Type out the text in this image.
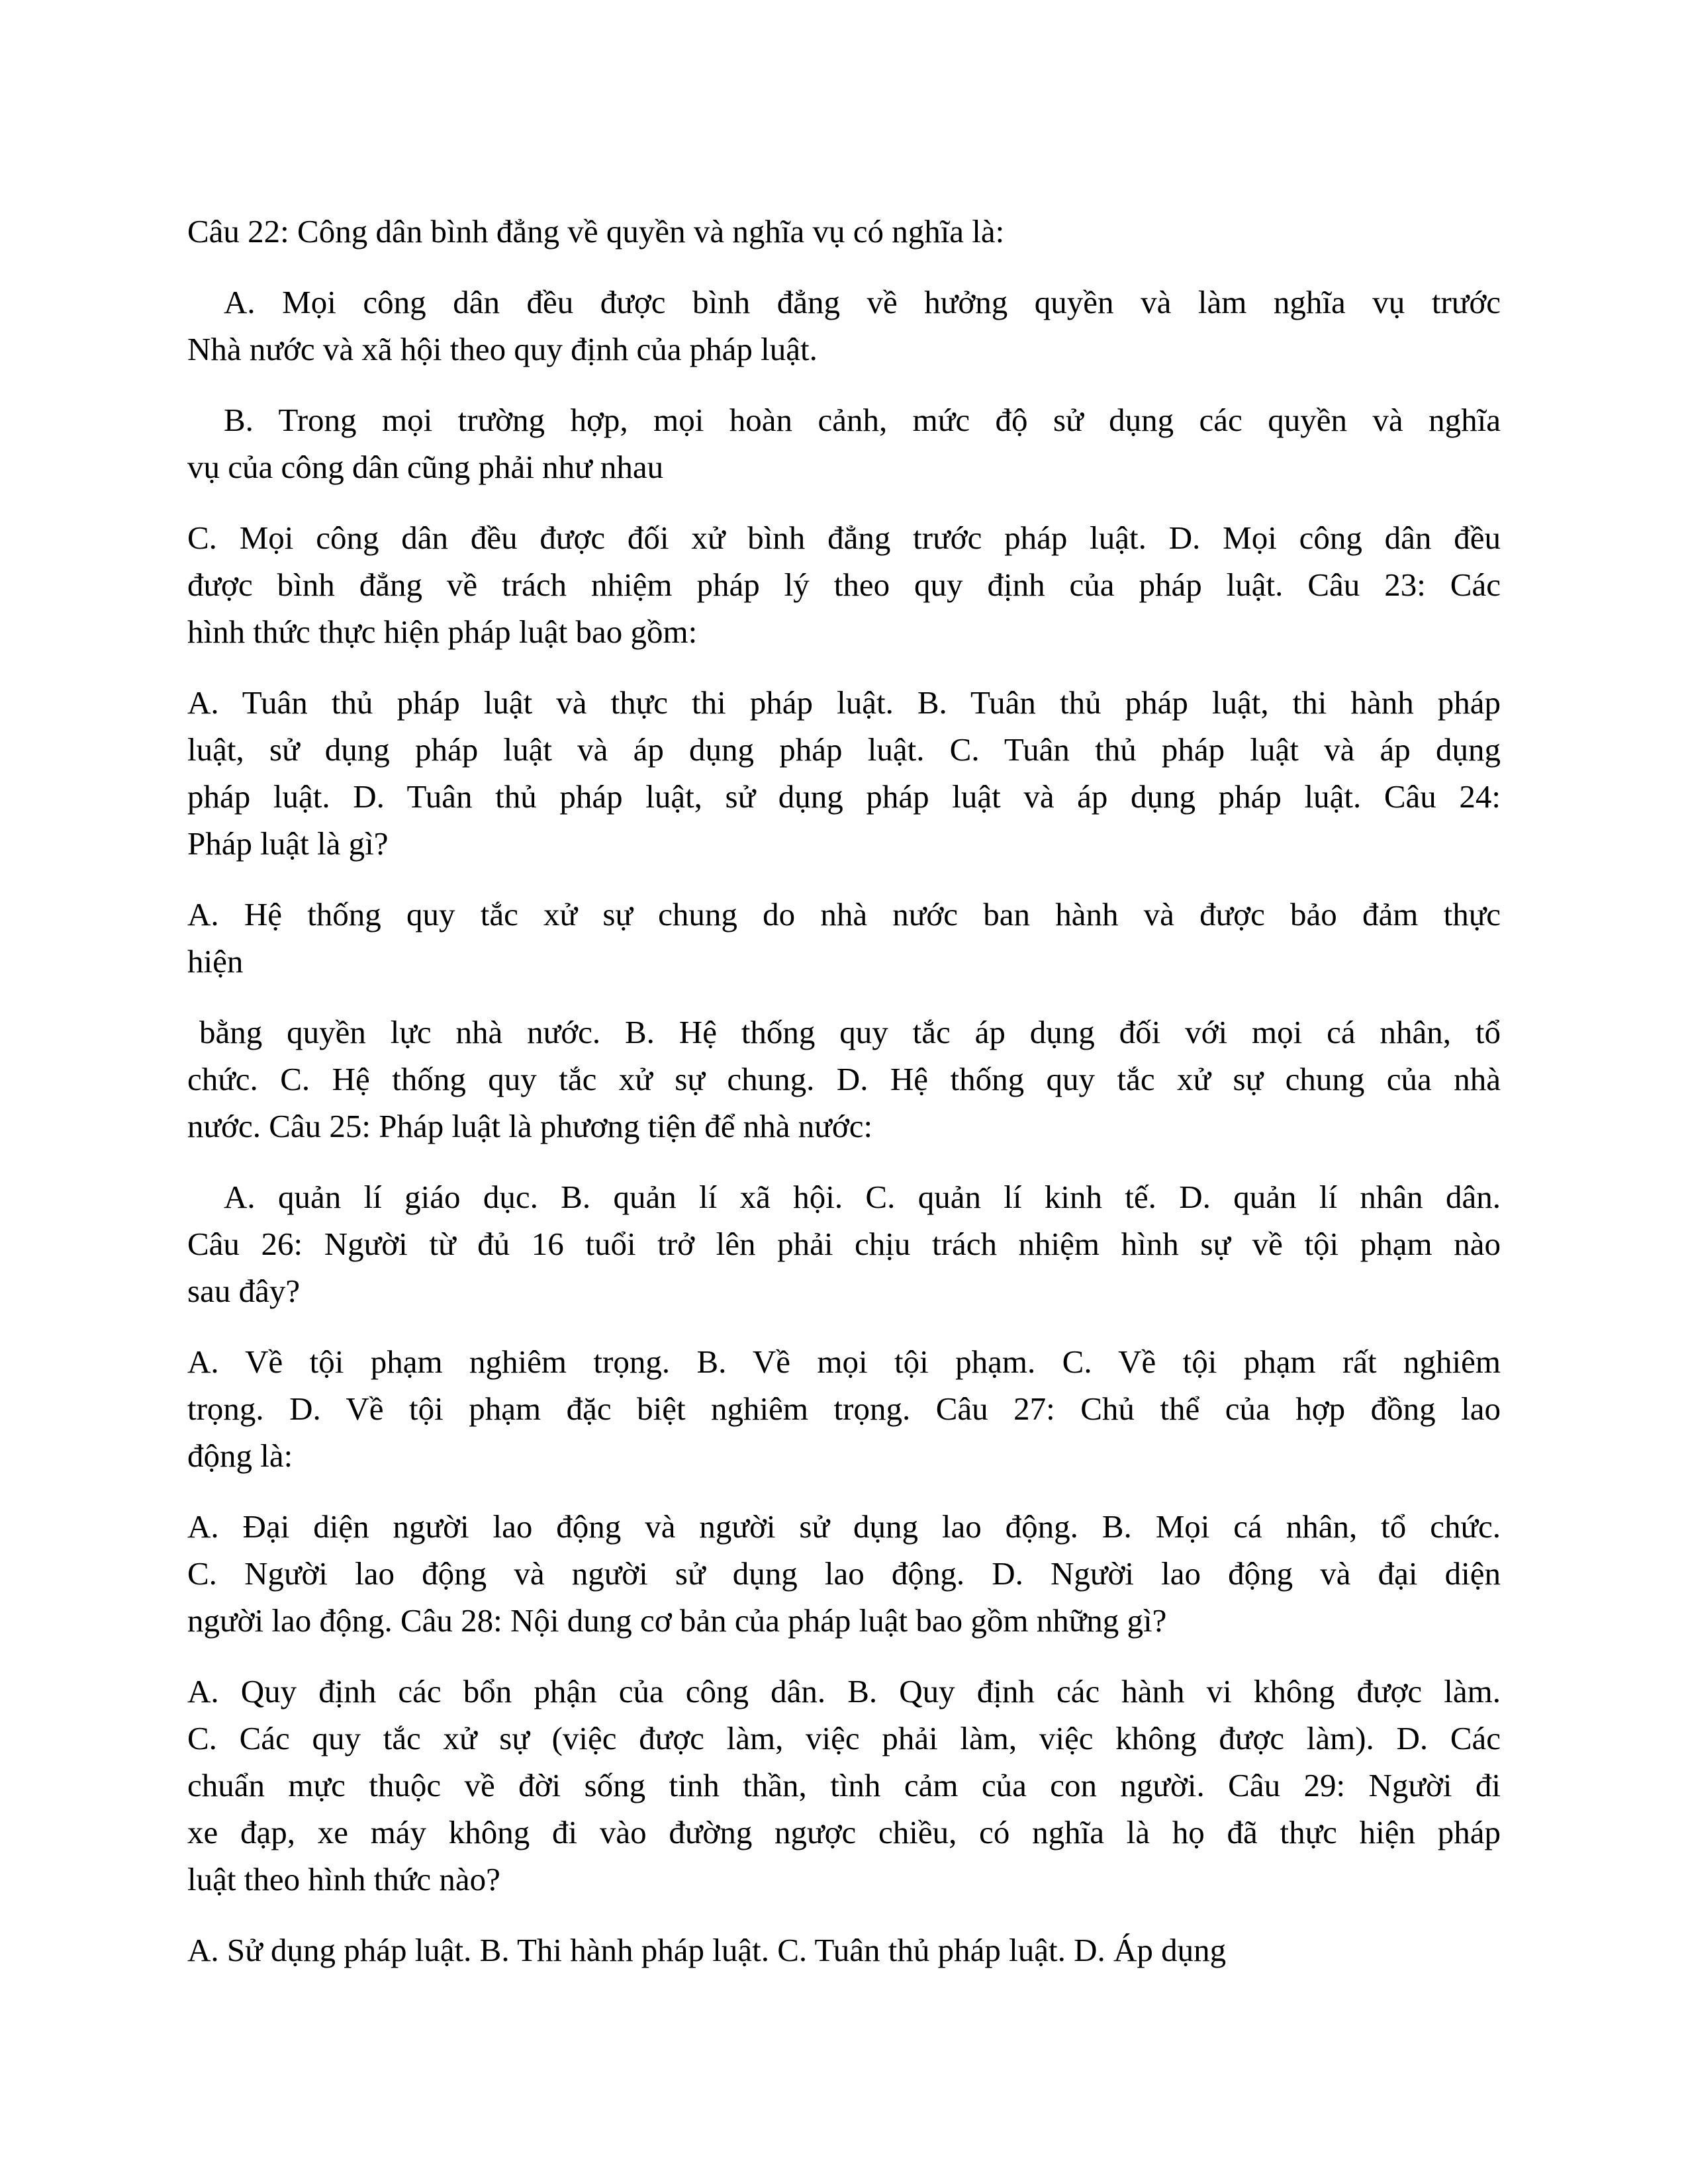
Câu 22: Công dân bình đẳng về quyền và nghĩa vụ có nghĩa là:

A. Mọi công dân đều được bình đẳng về hưởng quyền và làm nghĩa vụ trước
Nhà nước và xã hội theo quy định của pháp luật.

B. Trong mọi trường hợp, mọi hoàn cảnh, mức độ sử dụng các quyền và nghĩa
vụ của công dân cũng phải như nhau

C. Mọi công dân đều được đối xử bình đẳng trước pháp luật. D. Mọi công dân đều
được bình đẳng về trách nhiệm pháp lý theo quy định của pháp luật. Câu 23: Các
hình thức thực hiện pháp luật bao gồm:

A. Tuân thủ pháp luật và thực thi pháp luật. B. Tuân thủ pháp luật, thi hành pháp
luật, sử dụng pháp luật và áp dụng pháp luật. C. Tuân thủ pháp luật và áp dụng
pháp luật. D. Tuân thủ pháp luật, sử dụng pháp luật và áp dụng pháp luật. Câu 24:
Pháp luật là gì?

A. Hệ thống quy tắc xử sự chung do nhà nước ban hành và được bảo đảm thực
hiện

bằng quyền lực nhà nước. B. Hệ thống quy tắc áp dụng đối với mọi cá nhân, tổ
chức. C. Hệ thống quy tắc xử sự chung. D. Hệ thống quy tắc xử sự chung của nhà
nước. Câu 25: Pháp luật là phương tiện để nhà nước:

A. quản lí giáo dục. B. quản lí xã hội. C. quản lí kinh tế. D. quản lí nhân dân.
Câu 26: Người từ đủ 16 tuổi trở lên phải chịu trách nhiệm hình sự về tội phạm nào
sau đây?

A. Về tội phạm nghiêm trọng. B. Về mọi tội phạm. C. Về tội phạm rất nghiêm
trọng. D. Về tội phạm đặc biệt nghiêm trọng. Câu 27: Chủ thể của hợp đồng lao
động là:

A. Đại diện người lao động và người sử dụng lao động. B. Mọi cá nhân, tổ chức.
C. Người lao động và người sử dụng lao động. D. Người lao động và đại diện
người lao động. Câu 28: Nội dung cơ bản của pháp luật bao gồm những gì?

A. Quy định các bổn phận của công dân. B. Quy định các hành vi không được làm.
C. Các quy tắc xử sự (việc được làm, việc phải làm, việc không được làm). D. Các
chuẩn mực thuộc về đời sống tinh thần, tình cảm của con người. Câu 29: Người đi
xe đạp, xe máy không đi vào đường ngược chiều, có nghĩa là họ đã thực hiện pháp
luật theo hình thức nào?

A. Sử dụng pháp luật. B. Thi hành pháp luật. C. Tuân thủ pháp luật. D. Áp dụng
